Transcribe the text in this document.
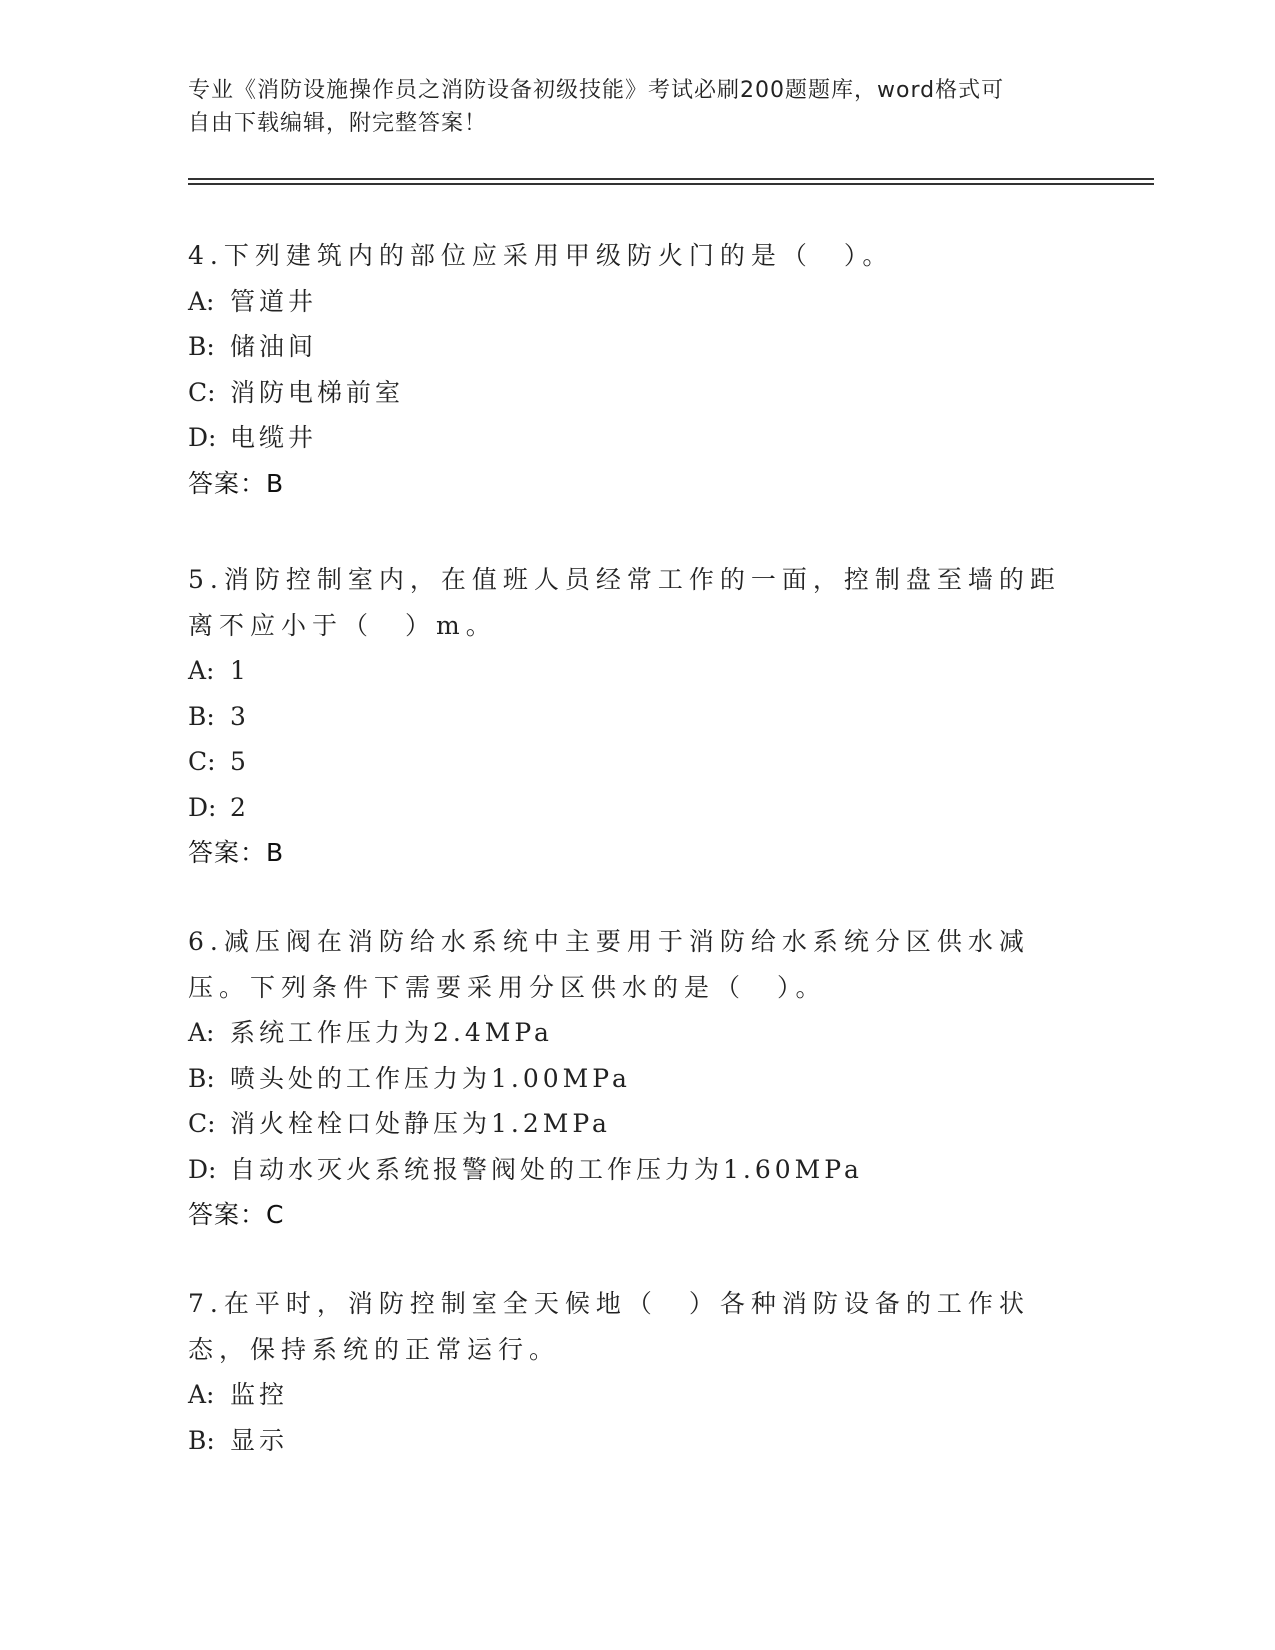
专业《消防设施操作员之消防设备初级技能》考试必刷200题题库，word格式可
自由下载编辑，附完整答案！
4.下列建筑内的部位应采用甲级防火门的是（　）。
A: 管道井
B: 储油间
C: 消防电梯前室
D: 电缆井
答案：B
5.消防控制室内，在值班人员经常工作的一面，控制盘至墙的距离不应小于（　）m。
A: 1
B: 3
C: 5
D: 2
答案：B
6.减压阀在消防给水系统中主要用于消防给水系统分区供水减压。下列条件下需要采用分区供水的是（　）。
A: 系统工作压力为2.4MPa
B: 喷头处的工作压力为1.00MPa
C: 消火栓栓口处静压为1.2MPa
D: 自动水灭火系统报警阀处的工作压力为1.60MPa
答案：C
7.在平时，消防控制室全天候地（　）各种消防设备的工作状态，保持系统的正常运行。
A: 监控
B: 显示
